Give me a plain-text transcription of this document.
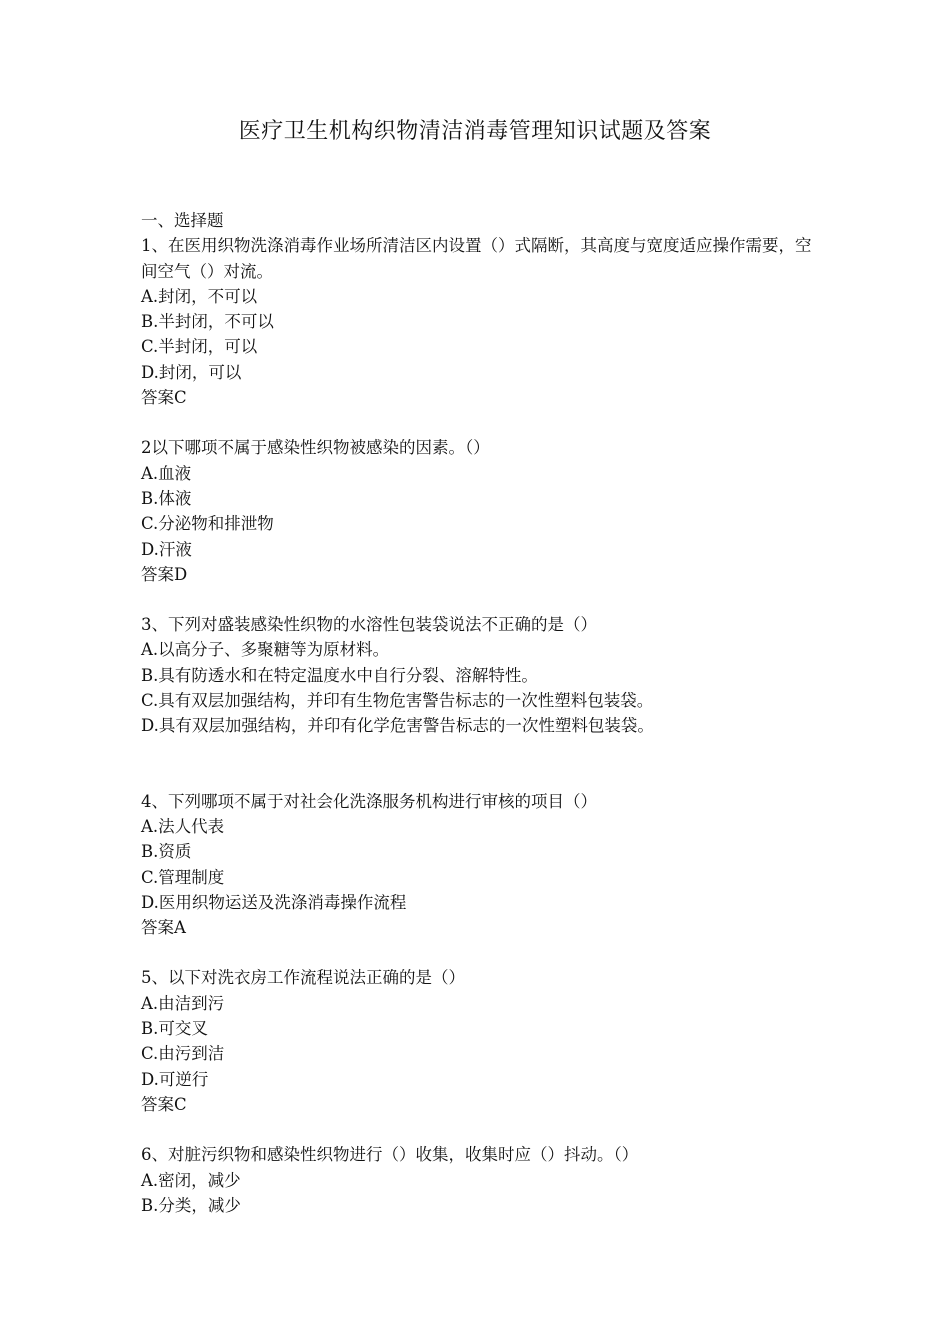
医疗卫生机构织物清洁消毒管理知识试题及答案
一、选择题
1、在医用织物洗涤消毒作业场所清洁区内设置（）式隔断，其高度与宽度适应操作需要，空间空气（）对流。
A.封闭，不可以
B.半封闭，不可以
C.半封闭，可以
D.封闭，可以
答案C
2以下哪项不属于感染性织物被感染的因素。（）
A.血液
B.体液
C.分泌物和排泄物
D.汗液
答案D
3、下列对盛装感染性织物的水溶性包装袋说法不正确的是（）
A.以高分子、多聚糖等为原材料。
B.具有防透水和在特定温度水中自行分裂、溶解特性。
C.具有双层加强结构，并印有生物危害警告标志的一次性塑料包装袋。
D.具有双层加强结构，并印有化学危害警告标志的一次性塑料包装袋。
4、下列哪项不属于对社会化洗涤服务机构进行审核的项目（）
A.法人代表
B.资质
C.管理制度
D.医用织物运送及洗涤消毒操作流程
答案A
5、以下对洗衣房工作流程说法正确的是（）
A.由洁到污
B.可交叉
C.由污到洁
D.可逆行
答案C
6、对脏污织物和感染性织物进行（）收集，收集时应（）抖动。（）
A.密闭，减少
B.分类，减少
